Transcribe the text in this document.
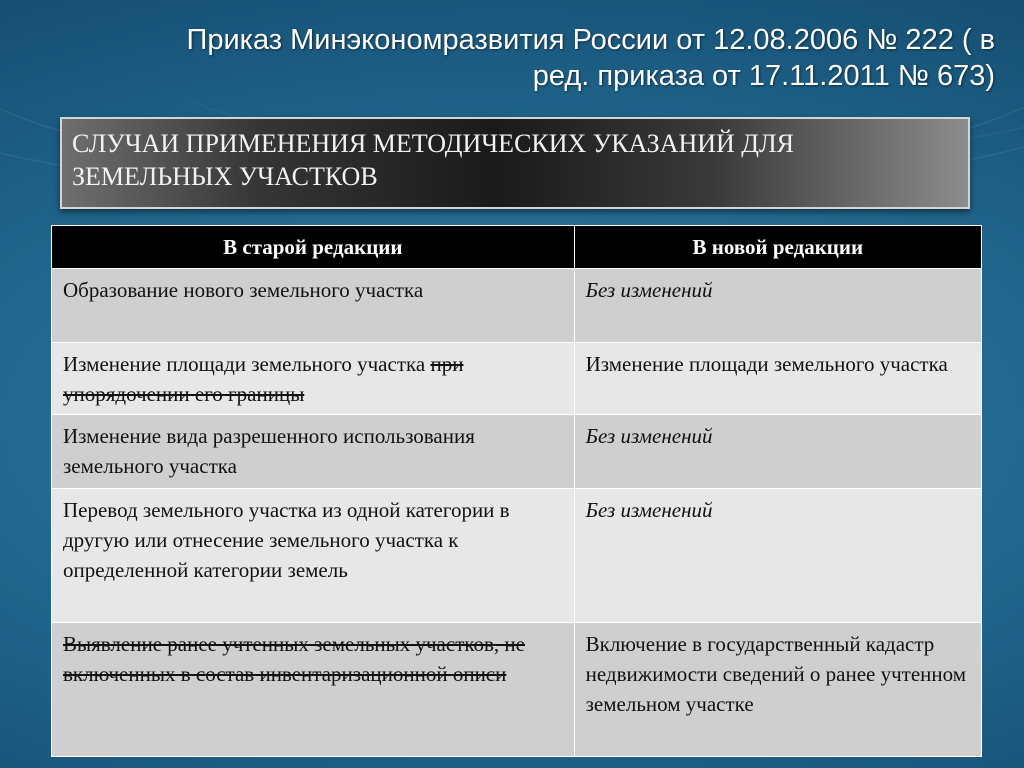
Приказ Минэкономразвития России от 12.08.2006 № 222 ( в
ред. приказа от 17.11.2011 № 673)
СЛУЧАИ ПРИМЕНЕНИЯ МЕТОДИЧЕСКИХ УКАЗАНИЙ ДЛЯ ЗЕМЕЛЬНЫХ УЧАСТКОВ
В старой редакции	В новой редакции
Образование нового земельного участка	Без изменений
Изменение площади земельного участка при упорядочении его границы	Изменение площади земельного участка
Изменение вида разрешенного использования земельного участка	Без изменений
Перевод земельного участка из одной категории в другую или отнесение земельного участка к определенной категории земель	Без изменений
Выявление ранее учтенных земельных участков, не включенных в состав инвентаризационной описи	Включение в государственный кадастр недвижимости сведений о ранее учтенном земельном участке
